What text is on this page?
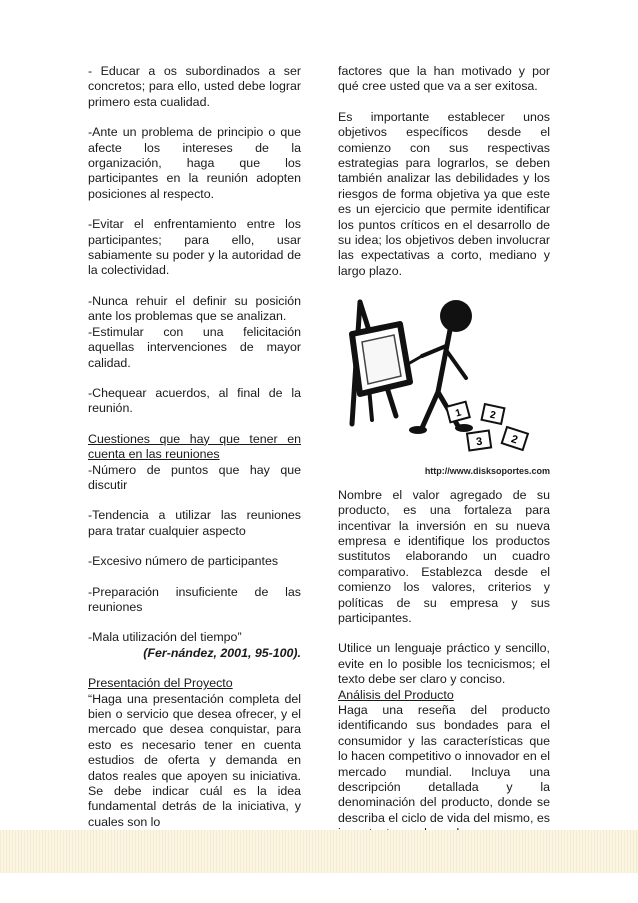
- Educar a os subordinados a ser concretos; para ello, usted debe lograr primero esta cualidad.

-Ante un problema de principio o que afecte los intereses de la organización, haga que los participantes en la reunión adopten posiciones al respecto.

-Evitar el enfrentamiento entre los participantes; para ello, usar sabiamente su poder y la autoridad de la colectividad.

-Nunca rehuir el definir su posición ante los problemas que se analizan.

-Estimular con una felicitación aquellas intervenciones de mayor calidad.

-Chequear acuerdos, al final de la reunión.

Cuestiones que hay que tener en cuenta en las reuniones

-Número de puntos que hay que discutir

-Tendencia a utilizar las reuniones para tratar cualquier aspecto

-Excesivo número de participantes

-Preparación insuficiente de las reuniones

-Mala utilización del tiempo”

(Fer-nández, 2001, 95-100).

Presentación del Proyecto

“Haga una presentación completa del bien o servicio que desea ofrecer, y el mercado que desea conquistar, para esto es necesario tener en cuenta estudios de oferta y demanda en datos reales que apoyen su iniciativa. Se debe indicar cuál es la idea fundamental detrás de la iniciativa, y cuales son lo

factores que la han motivado y por qué cree usted que va a ser exitosa.

Es importante establecer unos objetivos específicos desde el comienzo con sus respectivas estrategias para lograrlos, se deben también analizar las debilidades y los riesgos de forma objetiva ya que este es un ejercicio que permite identificar los puntos críticos en el desarrollo de su idea; los objetivos deben involucrar las expectativas a corto, mediano y largo plazo.

1	2
3 2

http://www.disksoportes.com

Nombre el valor agregado de su producto, es una fortaleza para incentivar la inversión en su nueva empresa e identifique los productos sustitutos elaborando un cuadro comparativo. Establezca desde el comienzo los valores, criterios y políticas de su empresa y sus participantes.

Utilice un lenguaje práctico y sencillo, evite en lo posible los tecnicismos; el texto debe ser claro y conciso.

Análisis del Producto

Haga una reseña del producto identificando sus bondades para el consumidor y las características que lo hacen competitivo o innovador en el mercado mundial. Incluya una descripción detallada y la denominación del producto, donde se describa el ciclo de vida del mismo, es
